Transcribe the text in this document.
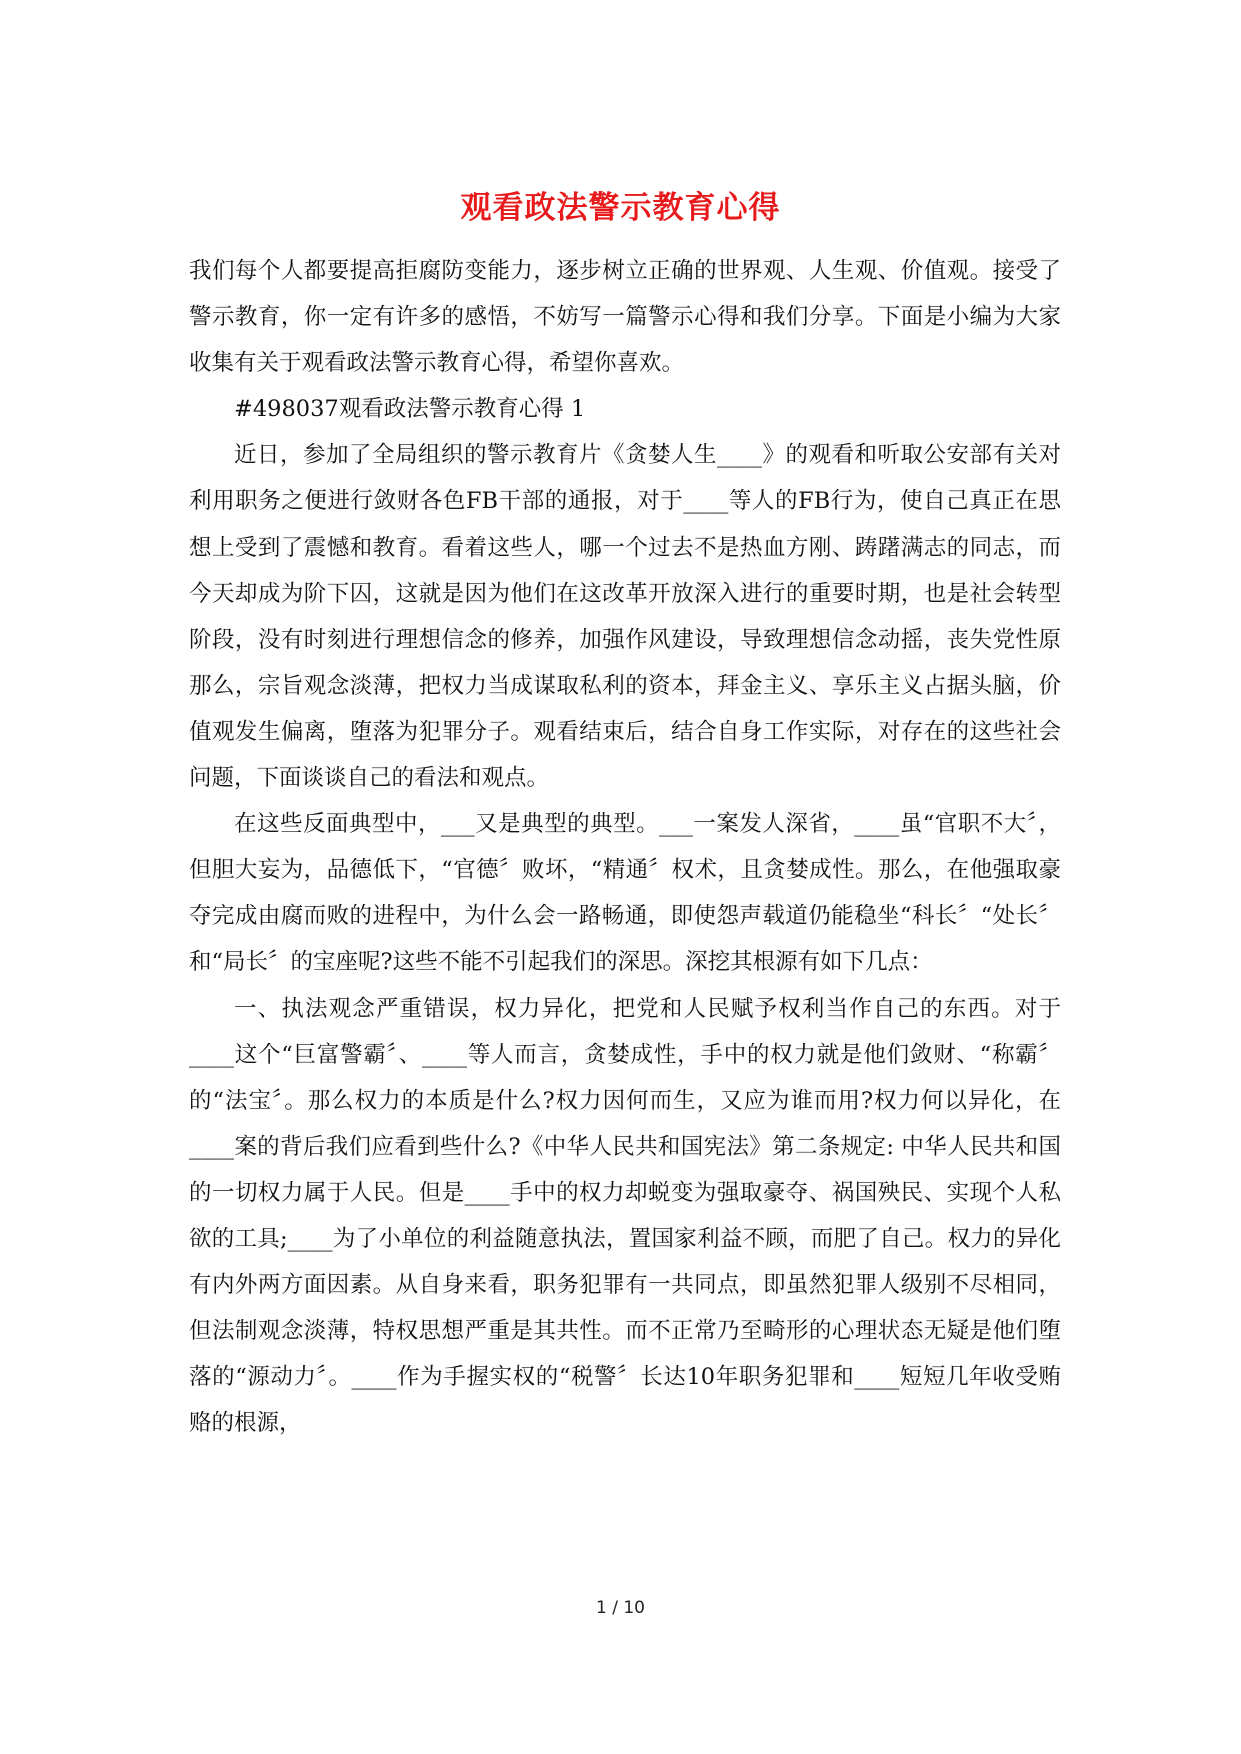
观看政法警示教育心得

我们每个人都要提高拒腐防变能力，逐步树立正确的世界观、人生观、价值观。接受了警示教育，你一定有许多的感悟，不妨写一篇警示心得和我们分享。下面是小编为大家收集有关于观看政法警示教育心得，希望你喜欢。

#498037观看政法警示教育心得 1

近日，参加了全局组织的警示教育片《贪婪人生____》的观看和听取公安部有关对利用职务之便进行敛财各色FB干部的通报，对于____等人的FB行为，使自己真正在思想上受到了震憾和教育。看着这些人，哪一个过去不是热血方刚、踌躇满志的同志，而今天却成为阶下囚，这就是因为他们在这改革开放深入进行的重要时期，也是社会转型阶段，没有时刻进行理想信念的修养，加强作风建设，导致理想信念动摇，丧失党性原那么，宗旨观念淡薄，把权力当成谋取私利的资本，拜金主义、享乐主义占据头脑，价值观发生偏离，堕落为犯罪分子。观看结束后，结合自身工作实际，对存在的这些社会问题，下面谈谈自己的看法和观点。

在这些反面典型中，___又是典型的典型。___一案发人深省，____虽“官职不大〞，但胆大妄为，品德低下，“官德〞败坏，“精通〞权术，且贪婪成性。那么，在他强取豪夺完成由腐而败的进程中，为什么会一路畅通，即使怨声载道仍能稳坐“科长〞“处长〞和“局长〞的宝座呢?这些不能不引起我们的深思。深挖其根源有如下几点：

一、执法观念严重错误，权力异化，把党和人民赋予权利当作自己的东西。对于____这个“巨富警霸〞、____等人而言，贪婪成性，手中的权力就是他们敛财、“称霸〞的“法宝〞。那么权力的本质是什么?权力因何而生，又应为谁而用?权力何以异化，在____案的背后我们应看到些什么?《中华人民共和国宪法》第二条规定: 中华人民共和国的一切权力属于人民。但是____手中的权力却蜕变为强取豪夺、祸国殃民、实现个人私欲的工具;____为了小单位的利益随意执法，置国家利益不顾，而肥了自己。权力的异化有内外两方面因素。从自身来看，职务犯罪有一共同点，即虽然犯罪人级别不尽相同，但法制观念淡薄，特权思想严重是其共性。而不正常乃至畸形的心理状态无疑是他们堕落的“源动力〞。____作为手握实权的“税警〞长达10年职务犯罪和____短短几年收受贿赂的根源，

1 / 10
